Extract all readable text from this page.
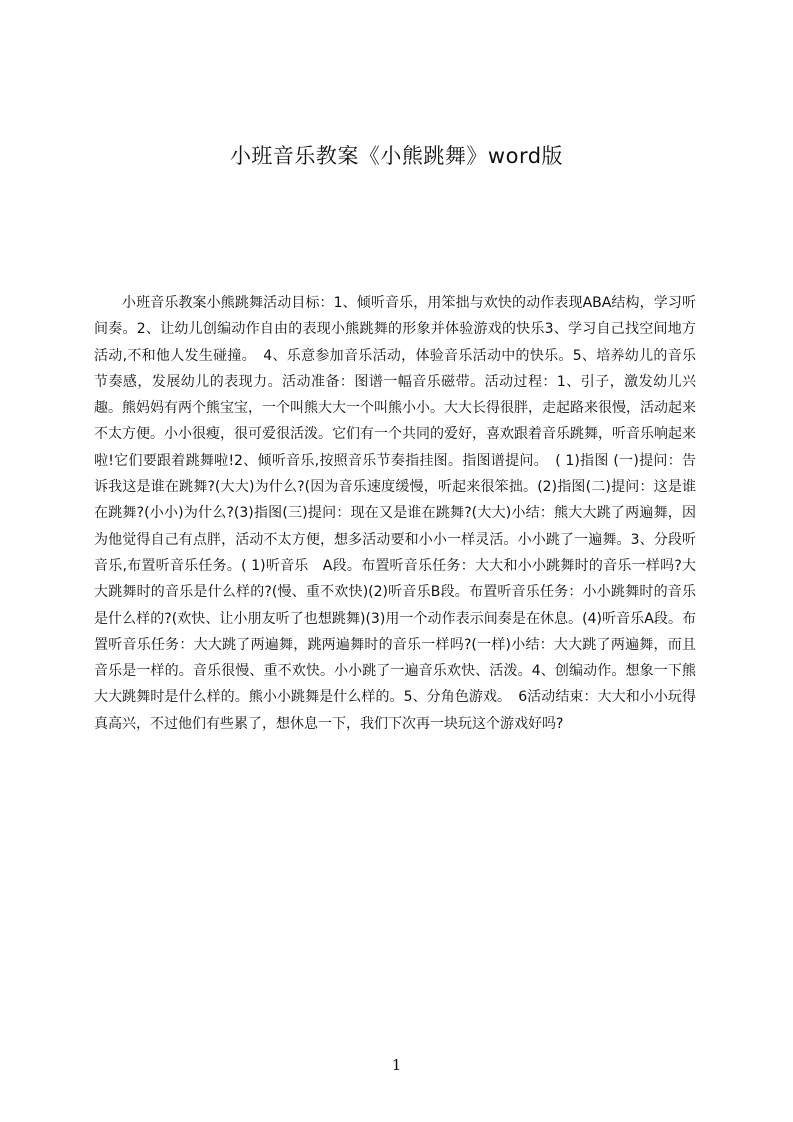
小班音乐教案《小熊跳舞》word版
小班音乐教案小熊跳舞活动目标：1、倾听音乐，用笨拙与欢快的动作表现ABA结构，学习听间奏。2、让幼儿创编动作自由的表现小熊跳舞的形象并体验游戏的快乐3、学习自己找空间地方活动,不和他人发生碰撞。　4、乐意参加音乐活动，体验音乐活动中的快乐。5、培养幼儿的音乐节奏感，发展幼儿的表现力。活动准备：图谱一幅音乐磁带。活动过程：1、引子，激发幼儿兴趣。熊妈妈有两个熊宝宝，一个叫熊大大一个叫熊小小。大大长得很胖，走起路来很慢，活动起来不太方便。小小很瘦，很可爱很活泼。它们有一个共同的爱好，喜欢跟着音乐跳舞，听音乐响起来啦!它们要跟着跳舞啦!2、倾听音乐,按照音乐节奏指挂图。指图谱提问。　( 1)指图 (一)提问：告诉我这是谁在跳舞?(大大)为什么?(因为音乐速度缓慢，听起来很笨拙。(2)指图(二)提问：这是谁在跳舞?(小小)为什么?(3)指图(三)提问：现在又是谁在跳舞?(大大)小结：熊大大跳了两遍舞，因为他觉得自己有点胖，活动不太方便，想多活动要和小小一样灵活。小小跳了一遍舞。3、分段听音乐,布置听音乐任务。( 1)听音乐　A段。布置听音乐任务：大大和小小跳舞时的音乐一样吗?大大跳舞时的音乐是什么样的?(慢、重不欢快)(2)听音乐B段。布置听音乐任务：小小跳舞时的音乐是什么样的?(欢快、让小朋友听了也想跳舞)(3)用一个动作表示间奏是在休息。(4)听音乐A段。布置听音乐任务：大大跳了两遍舞，跳两遍舞时的音乐一样吗?(一样)小结：大大跳了两遍舞，而且音乐是一样的。音乐很慢、重不欢快。小小跳了一遍音乐欢快、活泼。4、创编动作。想象一下熊大大跳舞时是什么样的。熊小小跳舞是什么样的。5、分角色游戏。　6活动结束：大大和小小玩得真高兴，不过他们有些累了，想休息一下，我们下次再一块玩这个游戏好吗?
1
